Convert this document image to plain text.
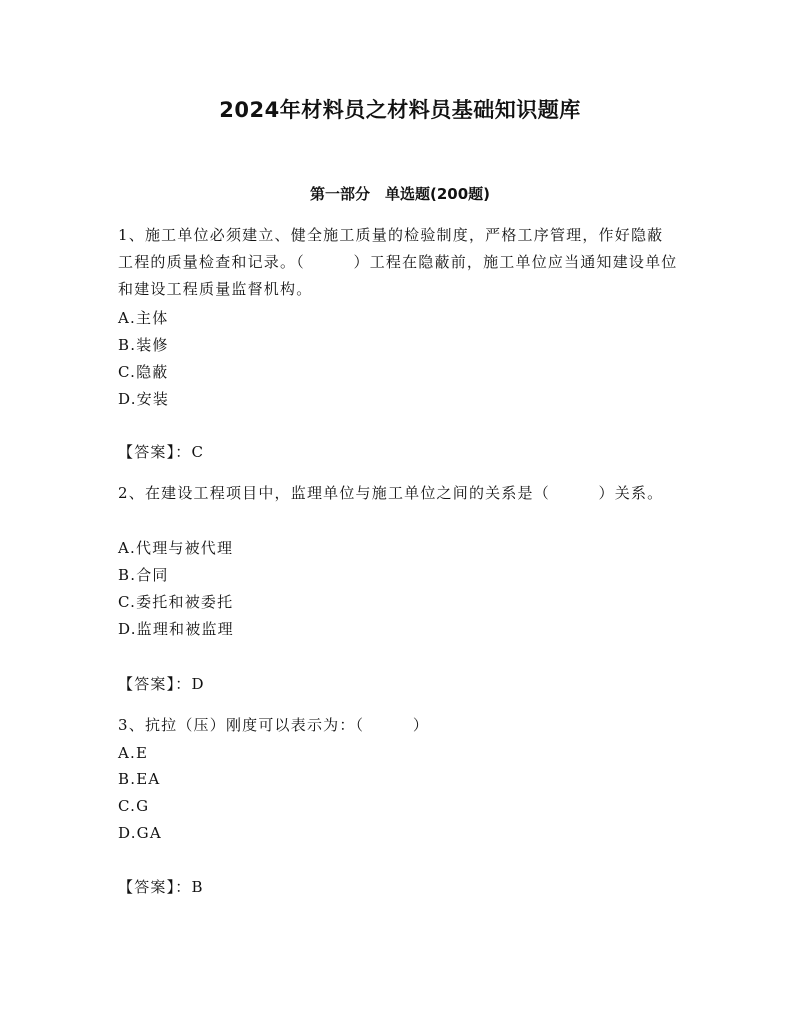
2024年材料员之材料员基础知识题库
第一部分　单选题(200题)
1、施工单位必须建立、健全施工质量的检验制度，严格工序管理，作好隐蔽工程的质量检查和记录。（　　　）工程在隐蔽前，施工单位应当通知建设单位和建设工程质量监督机构。
A.主体
B.装修
C.隐蔽
D.安装
【答案】：C
2、在建设工程项目中，监理单位与施工单位之间的关系是（　　　）关系。
A.代理与被代理
B.合同
C.委托和被委托
D.监理和被监理
【答案】：D
3、抗拉（压）刚度可以表示为：（　　　）
A.E
B.EA
C.G
D.GA
【答案】：B
